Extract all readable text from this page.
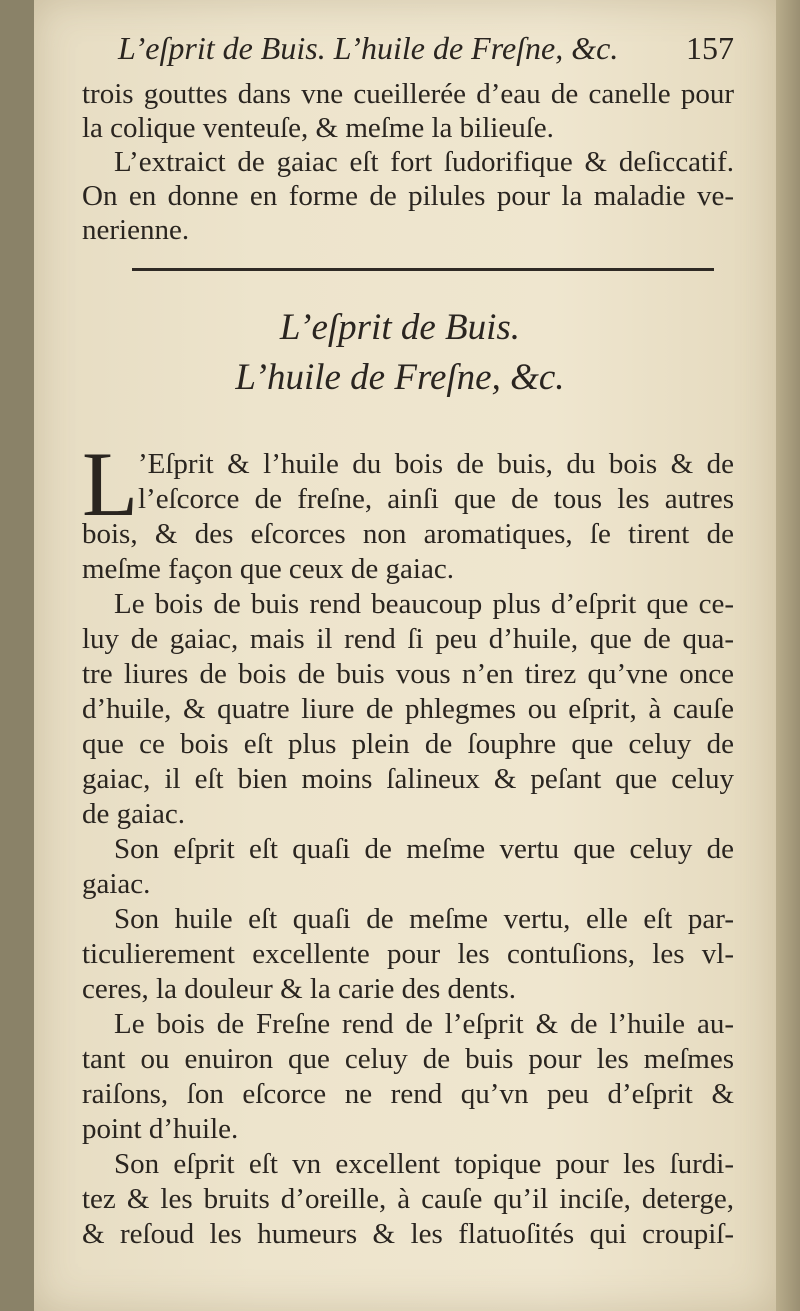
L’eſprit de Buis. L’huile de Freſne, &c. 157
trois gouttes dans vne cueillerée d’eau de canelle pour
la colique venteuſe, & meſme la bilieuſe.
L’extraict de gaiac eſt fort ſudorifique & deſiccatif.
On en donne en forme de pilules pour la maladie ve-
nerienne.
L’eſprit de Buis.
L’huile de Freſne, &c.
L ’Eſprit & l’huile du bois de buis, du bois & de
l’eſcorce de freſne, ainſi que de tous les autres
bois, & des eſcorces non aromatiques, ſe tirent de
meſme façon que ceux de gaiac.
Le bois de buis rend beaucoup plus d’eſprit que ce-
luy de gaiac, mais il rend ſi peu d’huile, que de qua-
tre liures de bois de buis vous n’en tirez qu’vne once
d’huile, & quatre liure de phlegmes ou eſprit, à cauſe
que ce bois eſt plus plein de ſouphre que celuy de
gaiac, il eſt bien moins ſalineux & peſant que celuy
de gaiac.
Son eſprit eſt quaſi de meſme vertu que celuy de
gaiac.
Son huile eſt quaſi de meſme vertu, elle eſt par-
ticulierement excellente pour les contuſions, les vl-
ceres, la douleur & la carie des dents.
Le bois de Freſne rend de l’eſprit & de l’huile au-
tant ou enuiron que celuy de buis pour les meſmes
raiſons, ſon eſcorce ne rend qu’vn peu d’eſprit &
point d’huile.
Son eſprit eſt vn excellent topique pour les ſurdi-
tez & les bruits d’oreille, à cauſe qu’il inciſe, deterge,
& reſoud les humeurs & les flatuoſités qui croupiſ-
